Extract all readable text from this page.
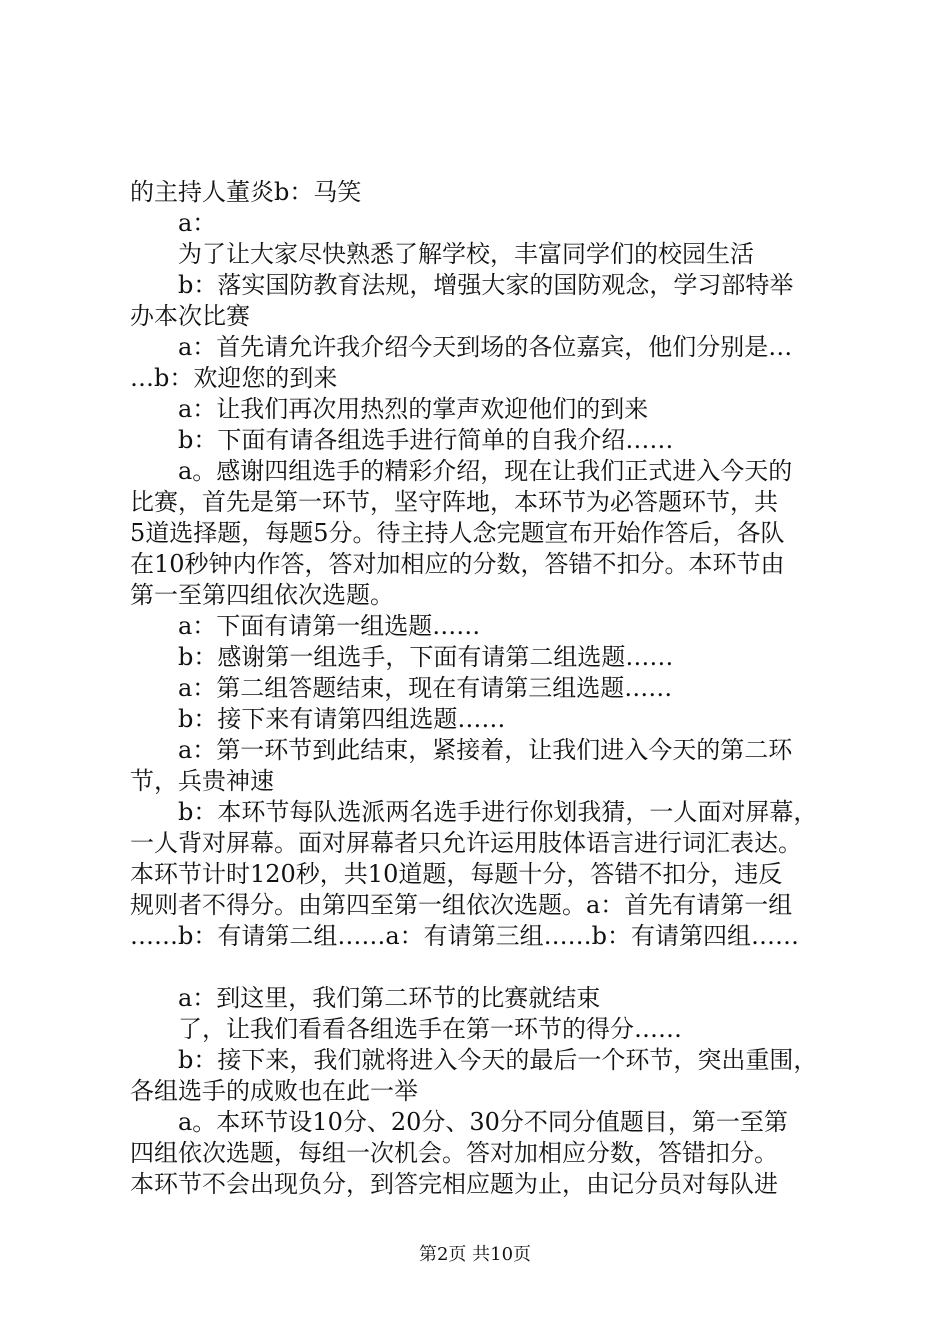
的主持人董炎b：马笑

a：

为了让大家尽快熟悉了解学校，丰富同学们的校园生活

b：落实国防教育法规，增强大家的国防观念，学习部特举

办本次比赛

a：首先请允许我介绍今天到场的各位嘉宾，他们分别是…

…b：欢迎您的到来

a：让我们再次用热烈的掌声欢迎他们的到来

b：下面有请各组选手进行简单的自我介绍……

a。感谢四组选手的精彩介绍，现在让我们正式进入今天的

比赛，首先是第一环节，坚守阵地，本环节为必答题环节，共

5道选择题，每题5分。待主持人念完题宣布开始作答后，各队

在10秒钟内作答，答对加相应的分数，答错不扣分。本环节由

第一至第四组依次选题。

a：下面有请第一组选题……

b：感谢第一组选手，下面有请第二组选题……

a：第二组答题结束，现在有请第三组选题……

b：接下来有请第四组选题……

a：第一环节到此结束，紧接着，让我们进入今天的第二环

节，兵贵神速

b：本环节每队选派两名选手进行你划我猜，一人面对屏幕，

一人背对屏幕。面对屏幕者只允许运用肢体语言进行词汇表达。

本环节计时120秒，共10道题，每题十分，答错不扣分，违反

规则者不得分。由第四至第一组依次选题。a：首先有请第一组

……b：有请第二组……a：有请第三组……b：有请第四组……

a：到这里，我们第二环节的比赛就结束

了，让我们看看各组选手在第一环节的得分……

b：接下来，我们就将进入今天的最后一个环节，突出重围，

各组选手的成败也在此一举

a。本环节设10分、20分、30分不同分值题目，第一至第

四组依次选题，每组一次机会。答对加相应分数，答错扣分。

本环节不会出现负分，到答完相应题为止，由记分员对每队进

第2页 共10页
